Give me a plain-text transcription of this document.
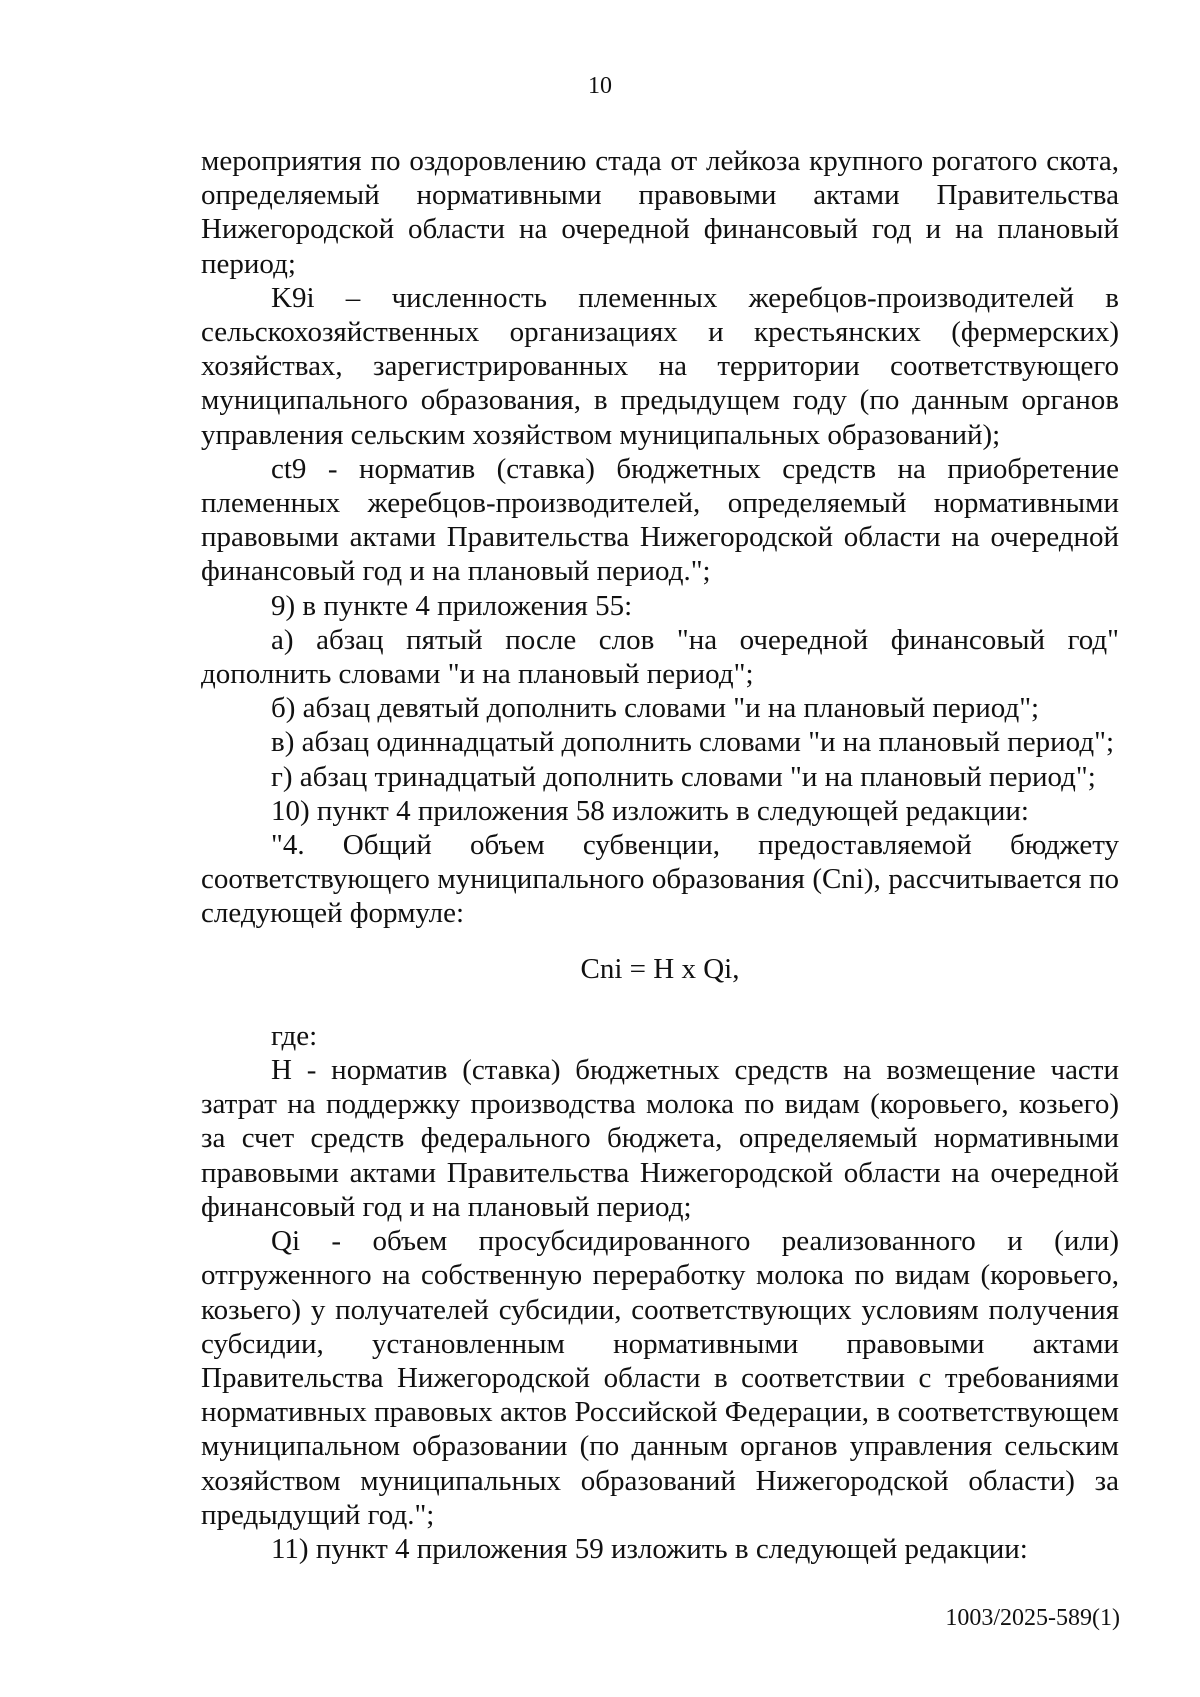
10

мероприятия по оздоровлению стада от лейкоза крупного рогатого скота, определяемый нормативными правовыми актами Правительства Нижегородской области на очередной финансовый год и на плановый период;

K9i – численность племенных жеребцов-производителей в сельскохозяйственных организациях и крестьянских (фермерских) хозяйствах, зарегистрированных на территории соответствующего муниципального образования, в предыдущем году (по данным органов управления сельским хозяйством муниципальных образований);

ct9 - норматив (ставка) бюджетных средств на приобретение племенных жеребцов-производителей, определяемый нормативными правовыми актами Правительства Нижегородской области на очередной финансовый год и на плановый период.";

9) в пункте 4 приложения 55:

а) абзац пятый после слов "на очередной финансовый год" дополнить словами "и на плановый период";

б) абзац девятый дополнить словами "и на плановый период";

в) абзац одиннадцатый дополнить словами "и на плановый период";

г) абзац тринадцатый дополнить словами "и на плановый период";

10) пункт 4 приложения 58 изложить в следующей редакции:

"4. Общий объем субвенции, предоставляемой бюджету соответствующего муниципального образования (Cni), рассчитывается по следующей формуле:

Cni = H x Qi,

где:

H - норматив (ставка) бюджетных средств на возмещение части затрат на поддержку производства молока по видам (коровьего, козьего) за счет средств федерального бюджета, определяемый нормативными правовыми актами Правительства Нижегородской области на очередной финансовый год и на плановый период;

Qi - объем просубсидированного реализованного и (или) отгруженного на собственную переработку молока по видам (коровьего, козьего) у получателей субсидии, соответствующих условиям получения субсидии, установленным нормативными правовыми актами Правительства Нижегородской области в соответствии с требованиями нормативных правовых актов Российской Федерации, в соответствующем муниципальном образовании (по данным органов управления сельским хозяйством муниципальных образований Нижегородской области) за предыдущий год.";

11) пункт 4 приложения 59 изложить в следующей редакции:

1003/2025-589(1)
